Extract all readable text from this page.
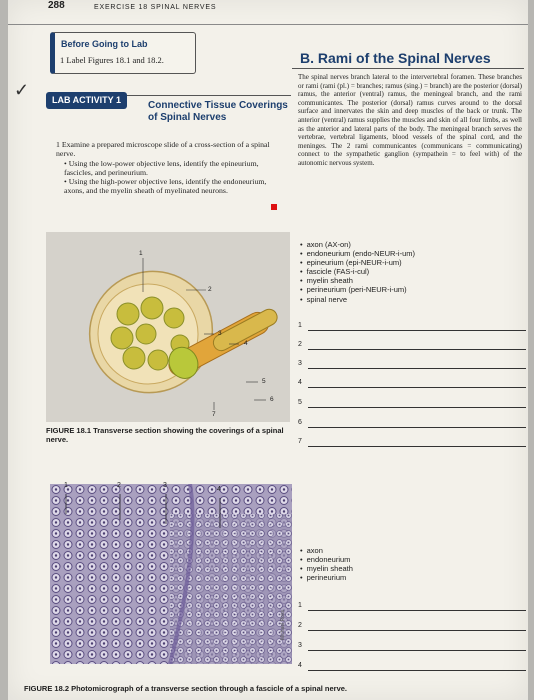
288	EXERCISE 18 SPINAL NERVES
Before Going to Lab
1 Label Figures 18.1 and 18.2.
✓
B. Rami of the Spinal Nerves
The spinal nerves branch lateral to the intervertebral foramen. These branches or rami (rami (pl.) = branches; ramus (sing.) = branch) are the posterior (dorsal) ramus, the anterior (ventral) ramus, the meningeal branch, and the rami communicantes. The posterior (dorsal) ramus curves around to the dorsal surface and innervates the skin and deep muscles of the back or trunk. The anterior (ventral) ramus supplies the muscles and skin of all four limbs, as well as the anterior and lateral parts of the body. The meningeal branch serves the vertebrae, vertebral ligaments, blood vessels of the spinal cord, and the meninges. The 2 rami communicantes (communicans = communicating) connect to the sympathetic ganglion (sympathein = to feel with) of the autonomic nervous system.
LAB ACTIVITY 1	Connective Tissue Coverings of Spinal Nerves
1 Examine a prepared microscope slide of a cross-section of a spinal nerve.
• Using the low-power objective lens, identify the epineurium, fascicles, and perineurium.
• Using the high-power objective lens, identify the endoneurium, axons, and the myelin sheath of myelinated neurons.
1
2
3
4
5
6
7
FIGURE 18.1 Transverse section showing the coverings of a spinal nerve.
• axon (AX-on)
• endoneurium (endo-NEUR-i-um)
• epineurium (epi-NEUR-i-um)
• fascicle (FAS-i-cul)
• myelin sheath
• perineurium (peri-NEUR-i-um)
• spinal nerve
1
2
3
4
5
6
7
1	2	3
4
Michael Ross
• axon
• endoneurium
• myelin sheath
• perineurium
1
2
3
4
FIGURE 18.2 Photomicrograph of a transverse section through a fascicle of a spinal nerve.
